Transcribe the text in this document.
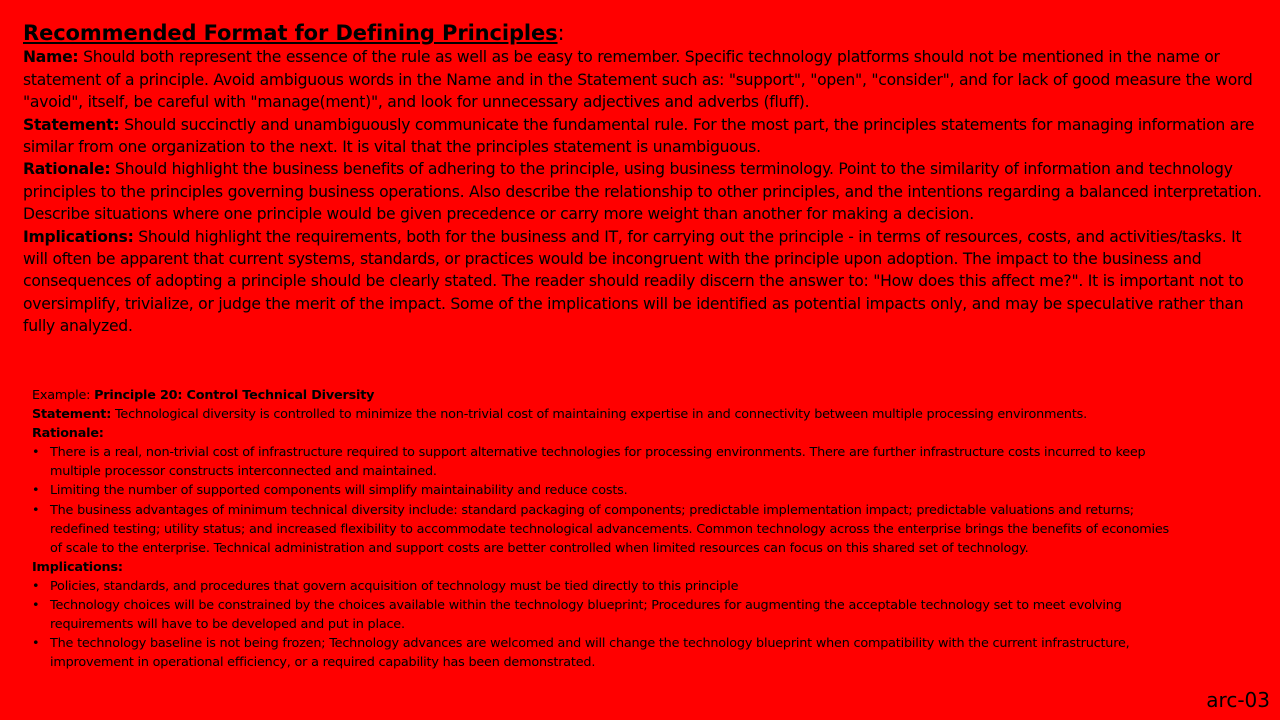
Recommended Format for Defining Principles:

Name: Should both represent the essence of the rule as well as be easy to remember. Specific technology platforms should not be mentioned in the name or statement of a principle. Avoid ambiguous words in the Name and in the Statement such as: "support", "open", "consider", and for lack of good measure the word "avoid", itself, be careful with "manage(ment)", and look for unnecessary adjectives and adverbs (fluff).

Statement: Should succinctly and unambiguously communicate the fundamental rule. For the most part, the principles statements for managing information are similar from one organization to the next. It is vital that the principles statement is unambiguous.

Rationale: Should highlight the business benefits of adhering to the principle, using business terminology. Point to the similarity of information and technology principles to the principles governing business operations. Also describe the relationship to other principles, and the intentions regarding a balanced interpretation. Describe situations where one principle would be given precedence or carry more weight than another for making a decision.

Implications: Should highlight the requirements, both for the business and IT, for carrying out the principle - in terms of resources, costs, and activities/tasks. It will often be apparent that current systems, standards, or practices would be incongruent with the principle upon adoption. The impact to the business and consequences of adopting a principle should be clearly stated. The reader should readily discern the answer to: "How does this affect me?". It is important not to oversimplify, trivialize, or judge the merit of the impact. Some of the implications will be identified as potential impacts only, and may be speculative rather than fully analyzed.

Example: Principle 20: Control Technical Diversity

Statement: Technological diversity is controlled to minimize the non-trivial cost of maintaining expertise in and connectivity between multiple processing environments.

Rationale:

• There is a real, non-trivial cost of infrastructure required to support alternative technologies for processing environments. There are further infrastructure costs incurred to keep multiple processor constructs interconnected and maintained.
• Limiting the number of supported components will simplify maintainability and reduce costs.
• The business advantages of minimum technical diversity include: standard packaging of components; predictable implementation impact; predictable valuations and returns; redefined testing; utility status; and increased flexibility to accommodate technological advancements. Common technology across the enterprise brings the benefits of economies of scale to the enterprise. Technical administration and support costs are better controlled when limited resources can focus on this shared set of technology.

Implications:

• Policies, standards, and procedures that govern acquisition of technology must be tied directly to this principle
• Technology choices will be constrained by the choices available within the technology blueprint; Procedures for augmenting the acceptable technology set to meet evolving requirements will have to be developed and put in place.
• The technology baseline is not being frozen; Technology advances are welcomed and will change the technology blueprint when compatibility with the current infrastructure, improvement in operational efficiency, or a required capability has been demonstrated.
arc-03
